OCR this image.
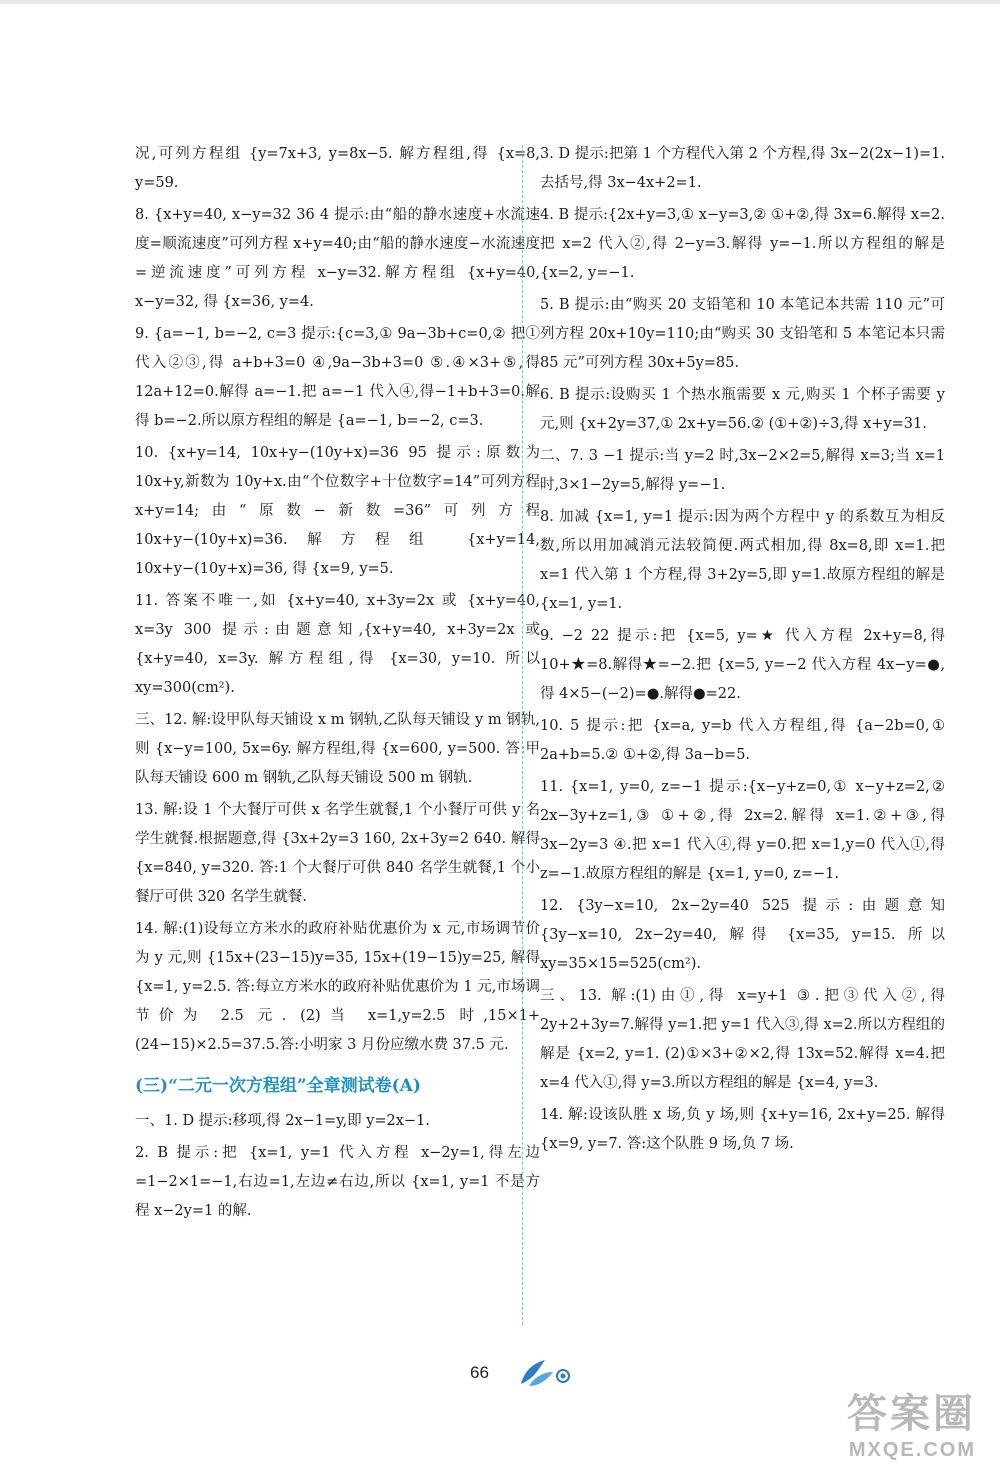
况,可列方程组 {y=7x+3, y=8x−5. 解方程组,得 {x=8, y=59.

8. {x+y=40, x−y=32 36 4 提示:由“船的静水速度+水流速度=顺流速度”可列方程 x+y=40;由“船的静水速度−水流速度=逆流速度”可列方程 x−y=32.解方程组 {x+y=40, x−y=32, 得 {x=36, y=4.

9. {a=−1, b=−2, c=3 提示:{c=3,① 9a−3b+c=0,② 把①代入②③,得 a+b+3=0 ④,9a−3b+3=0 ⑤.④×3+⑤,得 12a+12=0.解得 a=−1.把 a=−1 代入④,得−1+b+3=0.解得 b=−2.所以原方程组的解是 {a=−1, b=−2, c=3.

10. {x+y=14, 10x+y−(10y+x)=36 95 提示:原数为 10x+y,新数为 10y+x.由“个位数字+十位数字=14”可列方程 x+y=14;由“原数−新数=36”可列方程 10x+y−(10y+x)=36.解方程组 {x+y=14, 10x+y−(10y+x)=36, 得 {x=9, y=5.

11. 答案不唯一,如 {x+y=40, x+3y=2x 或 {x+y=40, x=3y 300 提示:由题意知,{x+y=40, x+3y=2x 或 {x+y=40, x=3y. 解方程组,得 {x=30, y=10. 所以 xy=300(cm²).

三、12. 解:设甲队每天铺设 x m 钢轨,乙队每天铺设 y m 钢轨,则 {x−y=100, 5x=6y. 解方程组,得 {x=600, y=500. 答:甲队每天铺设 600 m 钢轨,乙队每天铺设 500 m 钢轨.

13. 解:设 1 个大餐厅可供 x 名学生就餐,1 个小餐厅可供 y 名学生就餐.根据题意,得 {3x+2y=3 160, 2x+3y=2 640. 解得 {x=840, y=320. 答:1 个大餐厅可供 840 名学生就餐,1 个小餐厅可供 320 名学生就餐.

14. 解:(1)设每立方米水的政府补贴优惠价为 x 元,市场调节价为 y 元,则 {15x+(23−15)y=35, 15x+(19−15)y=25, 解得 {x=1, y=2.5. 答:每立方米水的政府补贴优惠价为 1 元,市场调节价为 2.5 元. (2)当 x=1,y=2.5 时,15×1+(24−15)×2.5=37.5.答:小明家 3 月份应缴水费 37.5 元.

(三)“二元一次方程组”全章测试卷(A)

一、1. D 提示:移项,得 2x−1=y,即 y=2x−1.

2. B 提示:把 {x=1, y=1 代入方程 x−2y=1,得左边=1−2×1=−1,右边=1,左边≠右边,所以 {x=1, y=1 不是方程 x−2y=1 的解.

3. D 提示:把第 1 个方程代入第 2 个方程,得 3x−2(2x−1)=1.去括号,得 3x−4x+2=1.

4. B 提示:{2x+y=3,① x−y=3,② ①+②,得 3x=6.解得 x=2.把 x=2 代入②,得 2−y=3.解得 y=−1.所以方程组的解是 {x=2, y=−1.

5. B 提示:由“购买 20 支铅笔和 10 本笔记本共需 110 元”可列方程 20x+10y=110;由“购买 30 支铅笔和 5 本笔记本只需 85 元”可列方程 30x+5y=85.

6. B 提示:设购买 1 个热水瓶需要 x 元,购买 1 个杯子需要 y 元,则 {x+2y=37,① 2x+y=56.② (①+②)÷3,得 x+y=31.

二、7. 3 −1 提示:当 y=2 时,3x−2×2=5,解得 x=3;当 x=1 时,3×1−2y=5,解得 y=−1.

8. 加减 {x=1, y=1 提示:因为两个方程中 y 的系数互为相反数,所以用加减消元法较简便.两式相加,得 8x=8,即 x=1.把 x=1 代入第 1 个方程,得 3+2y=5,即 y=1.故原方程组的解是 {x=1, y=1.

9. −2 22 提示:把 {x=5, y=★ 代入方程 2x+y=8,得 10+★=8.解得★=−2.把 {x=5, y=−2 代入方程 4x−y=●,得 4×5−(−2)=●.解得●=22.

10. 5 提示:把 {x=a, y=b 代入方程组,得 {a−2b=0,① 2a+b=5.② ①+②,得 3a−b=5.

11. {x=1, y=0, z=−1 提示:{x−y+z=0,① x−y+z=2,② 2x−3y+z=1,③ ①+②,得 2x=2.解得 x=1.②+③,得 3x−2y=3 ④.把 x=1 代入④,得 y=0.把 x=1,y=0 代入①,得 z=−1.故原方程组的解是 {x=1, y=0, z=−1.

12. {3y−x=10, 2x−2y=40 525 提示:由题意知 {3y−x=10, 2x−2y=40, 解得 {x=35, y=15. 所以 xy=35×15=525(cm²).

三、13. 解:(1)由①,得 x=y+1 ③.把③代入②,得 2y+2+3y=7.解得 y=1.把 y=1 代入③,得 x=2.所以方程组的解是 {x=2, y=1. (2)①×3+②×2,得 13x=52.解得 x=4.把 x=4 代入①,得 y=3.所以方程组的解是 {x=4, y=3.

14. 解:设该队胜 x 场,负 y 场,则 {x+y=16, 2x+y=25. 解得 {x=9, y=7. 答:这个队胜 9 场,负 7 场.

66
答案圈
MXQE.COM
